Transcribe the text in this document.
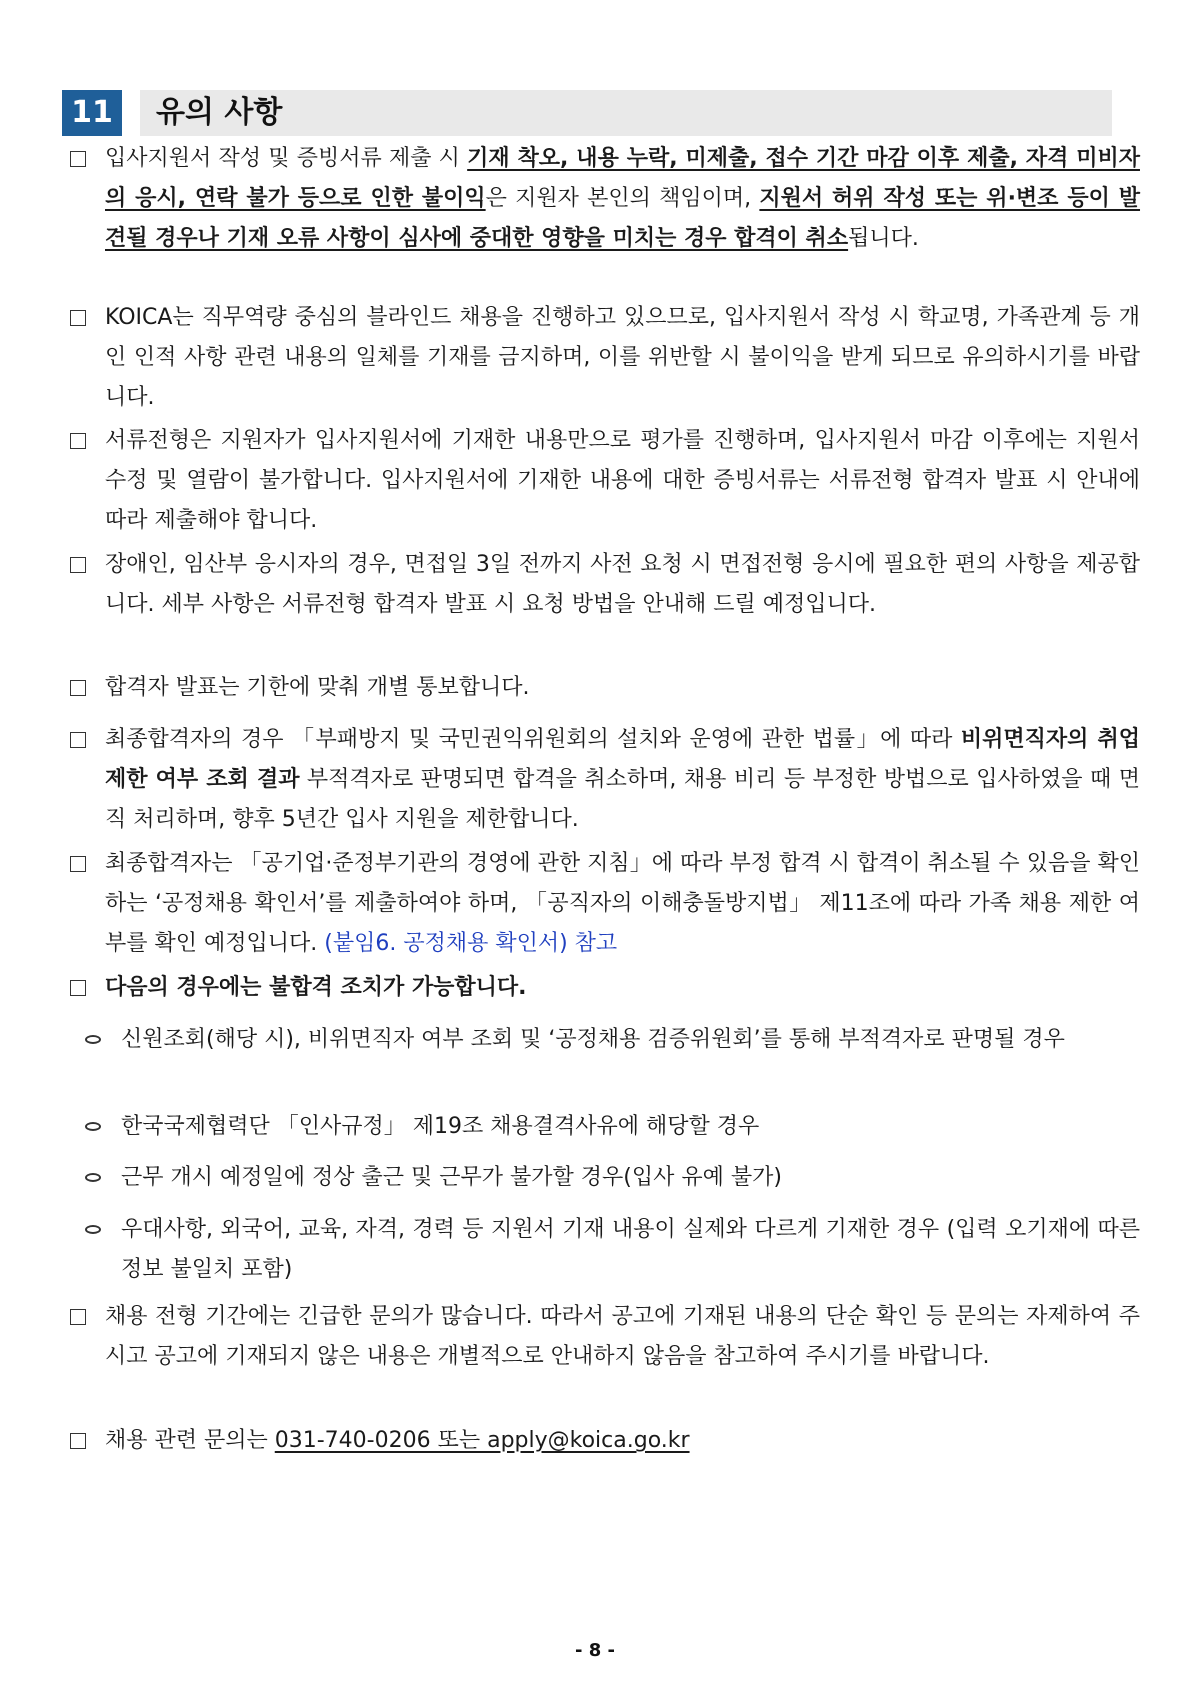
11	유의 사항
입사지원서 작성 및 증빙서류 제출 시 기재 착오, 내용 누락, 미제출, 접수 기간 마감 이후 제출, 자격 미비자의 응시, 연락 불가 등으로 인한 불이익은 지원자 본인의 책임이며, 지원서 허위 작성 또는 위·변조 등이 발견될 경우나 기재 오류 사항이 심사에 중대한 영향을 미치는 경우 합격이 취소됩니다.
KOICA는 직무역량 중심의 블라인드 채용을 진행하고 있으므로, 입사지원서 작성 시 학교명, 가족관계 등 개인 인적 사항 관련 내용의 일체를 기재를 금지하며, 이를 위반할 시 불이익을 받게 되므로 유의하시기를 바랍니다.
서류전형은 지원자가 입사지원서에 기재한 내용만으로 평가를 진행하며, 입사지원서 마감 이후에는 지원서 수정 및 열람이 불가합니다. 입사지원서에 기재한 내용에 대한 증빙서류는 서류전형 합격자 발표 시 안내에 따라 제출해야 합니다.
장애인, 임산부 응시자의 경우, 면접일 3일 전까지 사전 요청 시 면접전형 응시에 필요한 편의 사항을 제공합니다. 세부 사항은 서류전형 합격자 발표 시 요청 방법을 안내해 드릴 예정입니다.
합격자 발표는 기한에 맞춰 개별 통보합니다.
최종합격자의 경우 「부패방지 및 국민권익위원회의 설치와 운영에 관한 법률」에 따라 비위면직자의 취업 제한 여부 조회 결과 부적격자로 판명되면 합격을 취소하며, 채용 비리 등 부정한 방법으로 입사하였을 때 면직 처리하며, 향후 5년간 입사 지원을 제한합니다.
최종합격자는 「공기업·준정부기관의 경영에 관한 지침」에 따라 부정 합격 시 합격이 취소될 수 있음을 확인하는 ‘공정채용 확인서’를 제출하여야 하며, 「공직자의 이해충돌방지법」 제11조에 따라 가족 채용 제한 여부를 확인 예정입니다. (붙임6. 공정채용 확인서) 참고
다음의 경우에는 불합격 조치가 가능합니다.
신원조회(해당 시), 비위면직자 여부 조회 및 ‘공정채용 검증위원회’를 통해 부적격자로 판명될 경우
한국국제협력단 「인사규정」 제19조 채용결격사유에 해당할 경우
근무 개시 예정일에 정상 출근 및 근무가 불가할 경우(입사 유예 불가)
우대사항, 외국어, 교육, 자격, 경력 등 지원서 기재 내용이 실제와 다르게 기재한 경우 (입력 오기재에 따른 정보 불일치 포함)
채용 전형 기간에는 긴급한 문의가 많습니다. 따라서 공고에 기재된 내용의 단순 확인 등 문의는 자제하여 주시고 공고에 기재되지 않은 내용은 개별적으로 안내하지 않음을 참고하여 주시기를 바랍니다.
채용 관련 문의는 031-740-0206 또는 apply@koica.go.kr
- 8 -
